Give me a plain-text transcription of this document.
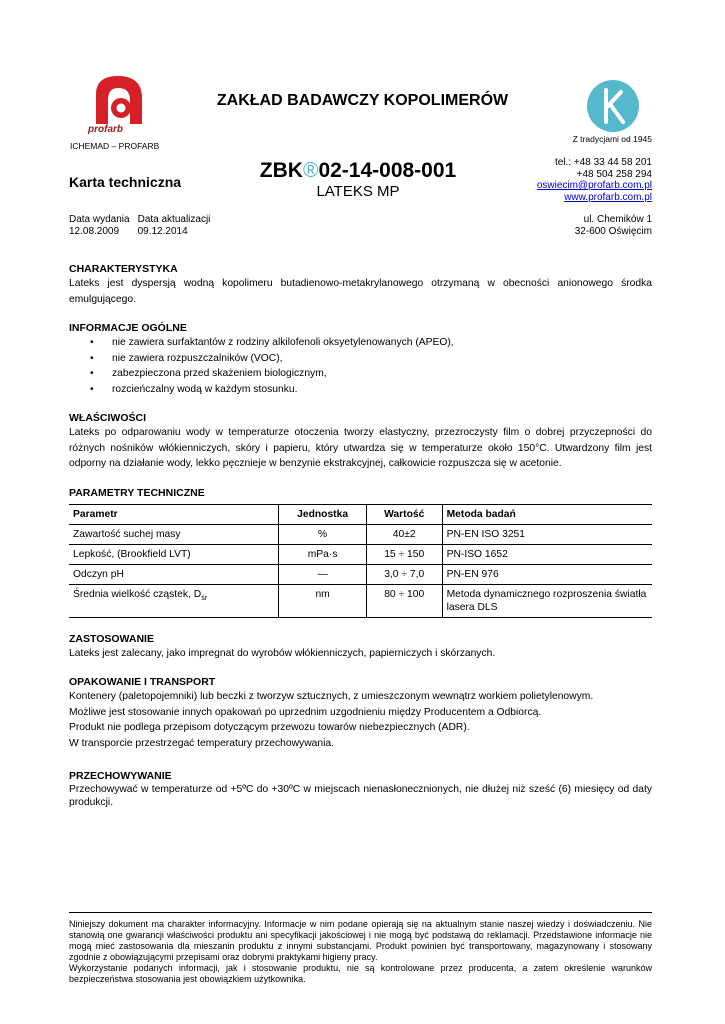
profarb
ICHEMAD – PROFARB
ZAKŁAD BADAWCZY KOPOLIMERÓW
Z tradycjami od 1945
Karta techniczna	ZBK®02-14-008-001
LATEKS MP
tel.: +48 33 44 58 201
+48 504 258 294
oswiecim@profarb.com.pl
www.profarb.com.pl
Data wydania	Data aktualizacji
12.08.2009	09.12.2014
ul. Chemików 1
32-600 Oświęcim
CHARAKTERYSTYKA

Lateks jest dyspersją wodną kopolimeru butadienowo-metakrylanowego otrzymaną w obecności anionowego środka emulgującego.

INFORMACJE OGÓLNE
• nie zawiera surfaktantów z rodziny alkilofenoli oksyetylenowanych (APEO),
• nie zawiera rozpuszczalników (VOC),
• zabezpieczona przed skażeniem biologicznym,
• rozcieńczalny wodą w każdym stosunku.
WŁAŚCIWOŚCI

Lateks po odparowaniu wody w temperaturze otoczenia tworzy elastyczny, przezroczysty film o dobrej przyczepności do różnych nośników włókienniczych, skóry i papieru, który utwardza się w temperaturze około 150°C. Utwardzony film jest odporny na działanie wody, lekko pęcznieje w benzynie ekstrakcyjnej, całkowicie rozpuszcza się w acetonie.

PARAMETRY TECHNICZNE
Parametr	Jednostka	Wartość	Metoda badań
Zawartość suchej masy	%	40±2	PN-EN ISO 3251
Lepkość, (Brookfield LVT)	mPa·s	15 ÷ 150	PN-ISO 1652
Odczyn pH	—	3,0 ÷ 7,0	PN-EN 976
Średnia wielkość cząstek, $D_{śr}$	nm	80 ÷ 100	Metoda dynamicznego rozproszenia światła lasera DLS
ZASTOSOWANIE

Lateks jest zalecany, jako impregnat do wyrobów włókienniczych, papierniczych i skórzanych.

OPAKOWANIE I TRANSPORT

Kontenery (paletopojemniki) lub beczki z tworzyw sztucznych, z umieszczonym wewnątrz workiem polietylenowym.

Możliwe jest stosowanie innych opakowań po uprzednim uzgodnieniu między Producentem a Odbiorcą.

Produkt nie podlega przepisom dotyczącym przewozu towarów niebezpiecznych (ADR).

W transporcie przestrzegać temperatury przechowywania.

PRZECHOWYWANIE

Przechowywać w temperaturze od +5ºC do +30ºC w miejscach nienasłonecznionych, nie dłużej niż sześć (6) miesięcy od daty produkcji.

Niniejszy dokument ma charakter informacyjny. Informacje w nim podane opierają się na aktualnym stanie naszej wiedzy i doświadczeniu. Nie stanowią one gwarancji właściwości produktu ani specyfikacji jakościowej i nie mogą być podstawą do reklamacji. Przedstawione informacje nie mogą mieć zastosowania dla mieszanin produktu z innymi substancjami. Produkt powinien być transportowany, magazynowany i stosowany zgodnie z obowiązującymi przepisami oraz dobrymi praktykami higieny pracy.
Wykorzystanie podanych informacji, jak i stosowanie produktu, nie są kontrolowane przez producenta, a zatem określenie warunków bezpieczeństwa stosowania jest obowiązkiem użytkownika.
